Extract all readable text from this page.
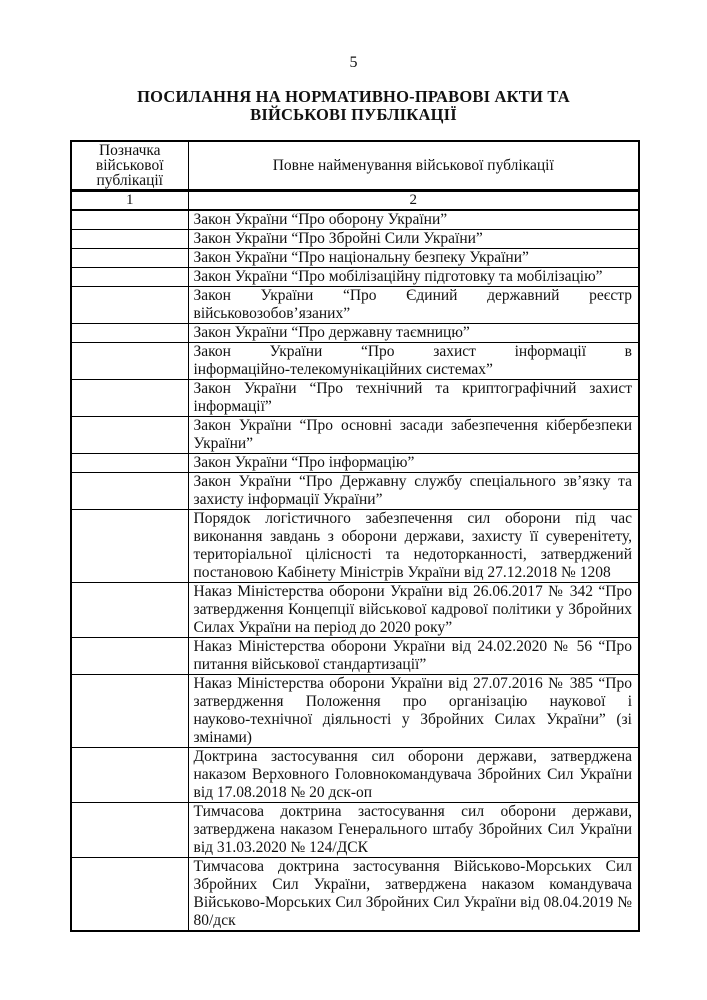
5
ПОСИЛАННЯ НА НОРМАТИВНО-ПРАВОВІ АКТИ ТА ВІЙСЬКОВІ ПУБЛІКАЦІЇ
Позначка військової публікації	Повне найменування військової публікації
1	2
	Закон України “Про оборону України”
	Закон України “Про Збройні Сили України”
	Закон України “Про національну безпеку України”
	Закон України “Про мобілізаційну підготовку та мобілізацію”
	Закон України “Про Єдиний державний реєстр військовозобов’язаних”
	Закон України “Про державну таємницю”
	Закон України “Про захист інформації в інформаційно‑телекомунікаційних системах”
	Закон України “Про технічний та криптографічний захист інформації”
	Закон України “Про основні засади забезпечення кібербезпеки України”
	Закон України “Про інформацію”
	Закон України “Про Державну службу спеціального зв’язку та захисту інформації України”
	Порядок логістичного забезпечення сил оборони під час виконання завдань з оборони держави, захисту її суверенітету, територіальної цілісності та недоторканності, затверджений постановою Кабінету Міністрів України від 27.12.2018 № 1208
	Наказ Міністерства оборони України від 26.06.2017 № 342 “Про затвердження Концепції військової кадрової політики у Збройних Силах України на період до 2020 року”
	Наказ Міністерства оборони України від 24.02.2020 № 56 “Про питання військової стандартизації”
	Наказ Міністерства оборони України від 27.07.2016 № 385 “Про затвердження Положення про організацію наукової і науково‑технічної діяльності у Збройних Силах України” (зі змінами)
	Доктрина застосування сил оборони держави, затверджена наказом Верховного Головнокомандувача Збройних Сил України від 17.08.2018 № 20 дск‑оп
	Тимчасова доктрина застосування сил оборони держави, затверджена наказом Генерального штабу Збройних Сил України від 31.03.2020 № 124/ДСК
	Тимчасова доктрина застосування Військово‑Морських Сил Збройних Сил України, затверджена наказом командувача Військово‑Морських Сил Збройних Сил України від 08.04.2019 № 80/дск
